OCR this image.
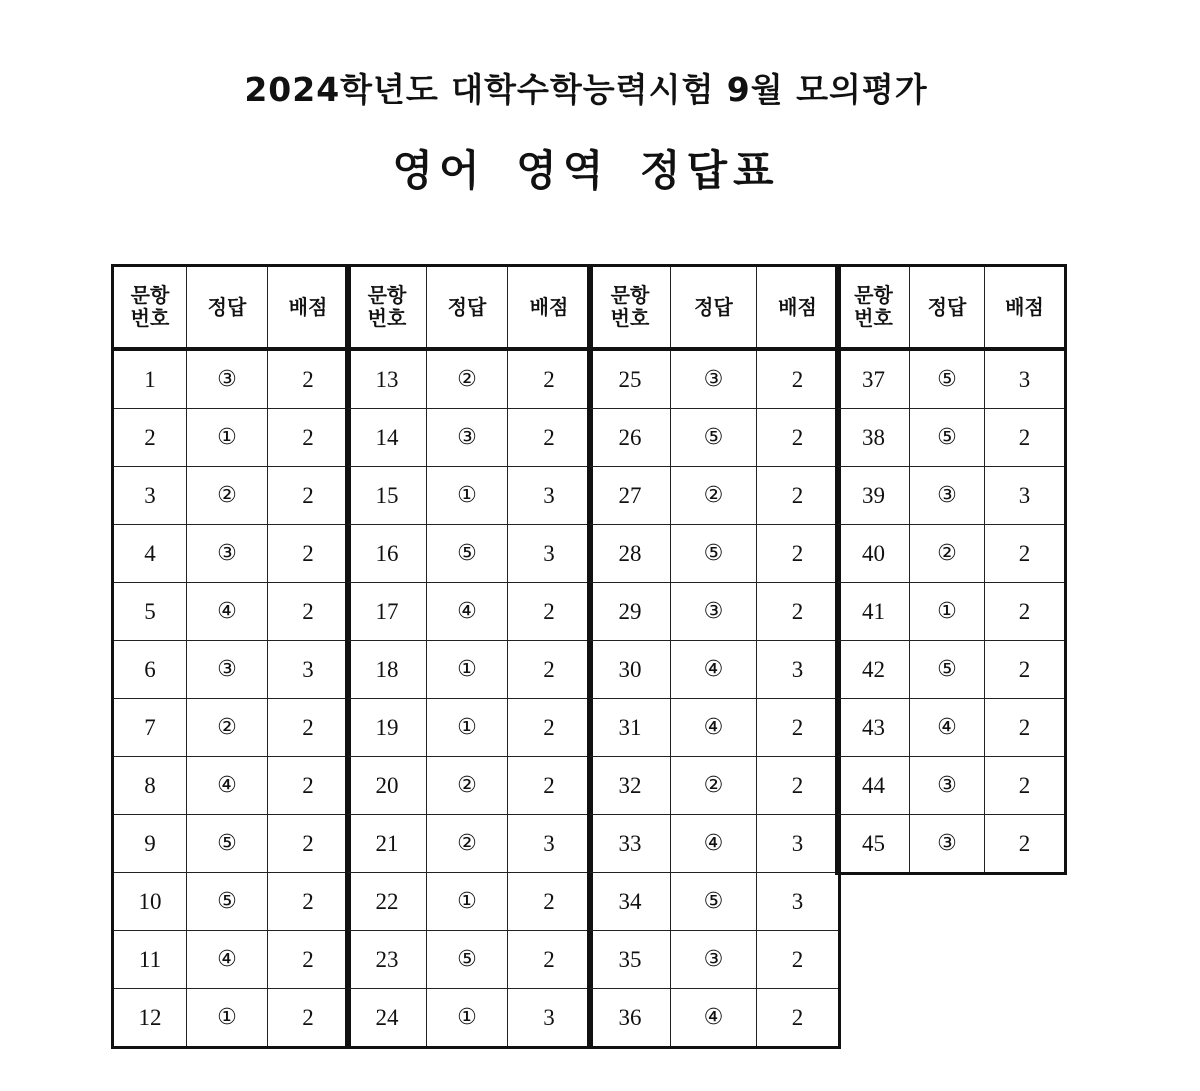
2024학년도 대학수학능력시험 9월 모의평가
영어 영역 정답표
문항
번호	정답	배점
1	③	2
2	①	2
3	②	2
4	③	2
5	④	2
6	③	3
7	②	2
8	④	2
9	⑤	2
10	⑤	2
11	④	2
12	①	2
문항
번호	정답	배점
13	②	2
14	③	2
15	①	3
16	⑤	3
17	④	2
18	①	2
19	①	2
20	②	2
21	②	3
22	①	2
23	⑤	2
24	①	3
문항
번호	정답	배점
25	③	2
26	⑤	2
27	②	2
28	⑤	2
29	③	2
30	④	3
31	④	2
32	②	2
33	④	3
34	⑤	3
35	③	2
36	④	2
문항
번호	정답	배점
37	⑤	3
38	⑤	2
39	③	3
40	②	2
41	①	2
42	⑤	2
43	④	2
44	③	2
45	③	2
